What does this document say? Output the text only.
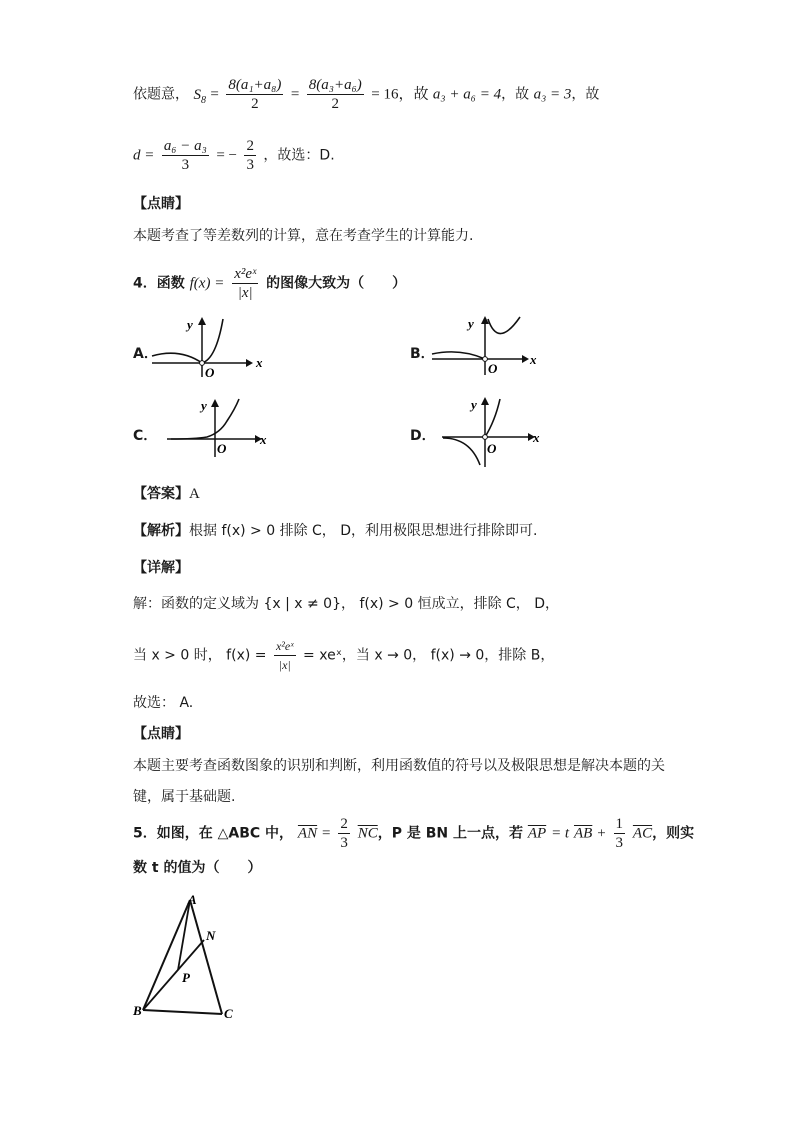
依题意， $S_8 = \frac{\text{8(a₁+a₈)}}{2} = \frac{\text{8(a₃+a₆)}}{2} = 16$，故 a₃ + a₆ = 4，故 a₃ = 3，故
$d = \frac{\text{a₆ − a₃}}{3}$ = − $\frac{2}{3}$ ，故选：D.
【点睛】
本题考查了等差数列的计算，意在考查学生的计算能力.
4．函数 $f(x) = \frac{\text{x²eˣ}}{|x|}$ 的图像大致为（　　）
A．
y
x
O
B．
y
x
O
C．
y
x
O
D．
y
x
O
【答案】A
【解析】根据 f(x) > 0 排除 C， D，利用极限思想进行排除即可.
【详解】
解：函数的定义域为 {x | x ≠ 0}， f(x) > 0 恒成立，排除 C， D，
当 x > 0 时， $f(x) = \frac{\text{x²eˣ}}{|x|}$ = xeˣ，当 x → 0， f(x) → 0，排除 B，
故选： A.
【点睛】
本题主要考查函数图象的识别和判断，利用函数值的符号以及极限思想是解决本题的关
键，属于基础题.
5．如图，在 △ABC 中， $\overline{AN} = \frac{2}{3} \overline{NC}$，P 是 BN 上一点，若 $\overline{AP} = t$ $\overline{AB} + \frac{1}{3} \overline{AC}$，则实
数 t 的值为（　　）
A
B	C
N
P
